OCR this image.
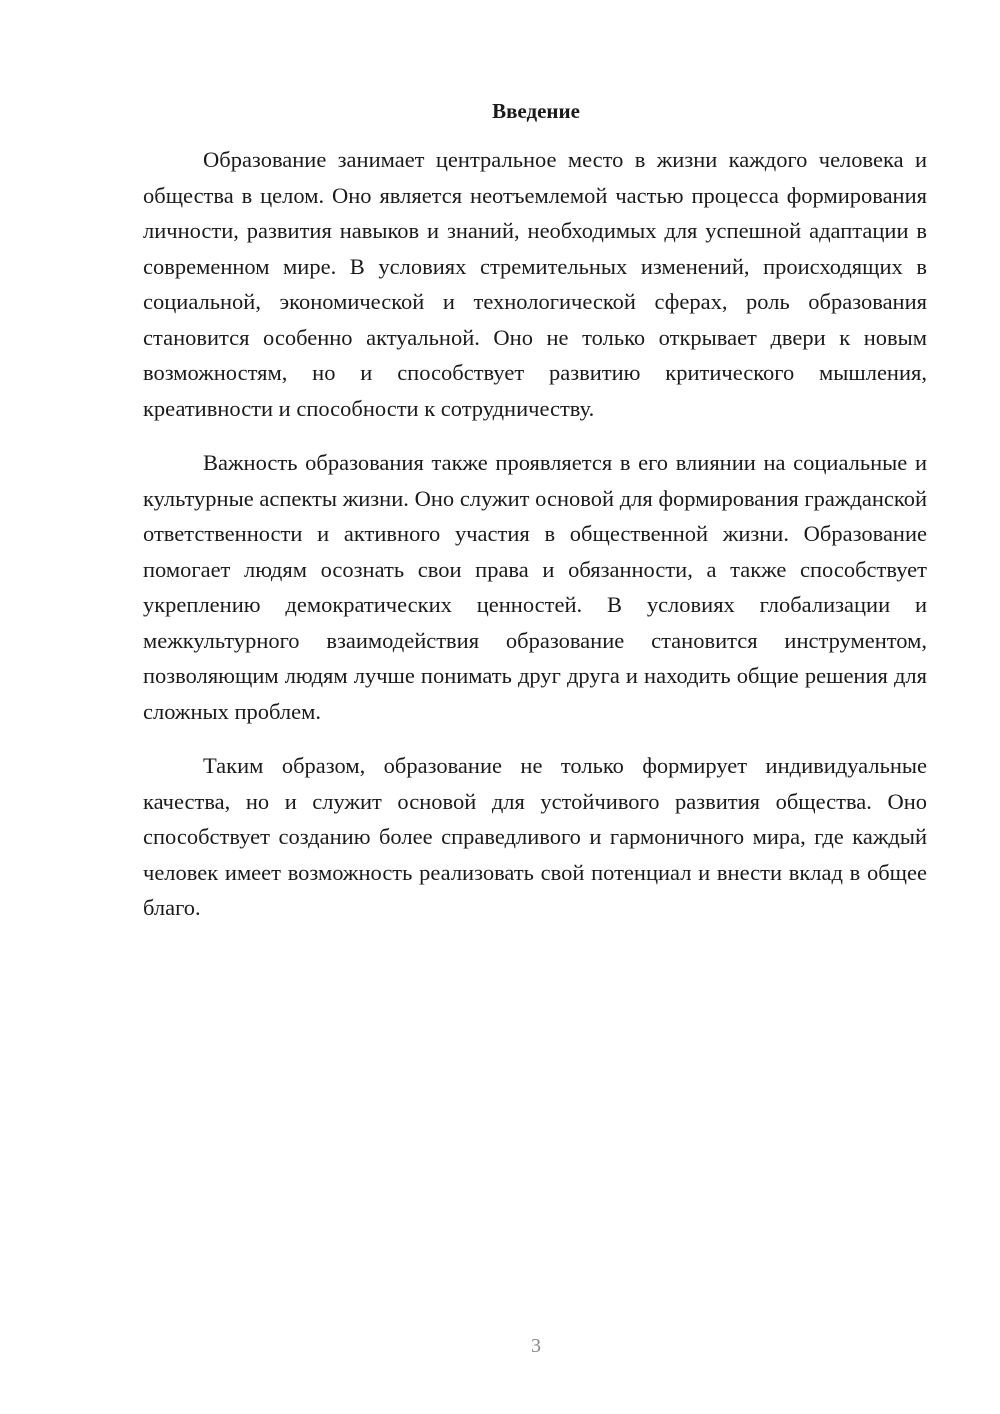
Введение

Образование занимает центральное место в жизни каждого человека и общества в целом. Оно является неотъемлемой частью процесса формирования личности, развития навыков и знаний, необходимых для успешной адаптации в современном мире. В условиях стремительных изменений, происходящих в социальной, экономической и технологической сферах, роль образования становится особенно актуальной. Оно не только открывает двери к новым возможностям, но и способствует развитию критического мышления, креативности и способности к сотрудничеству.

Важность образования также проявляется в его влиянии на социальные и культурные аспекты жизни. Оно служит основой для формирования гражданской ответственности и активного участия в общественной жизни. Образование помогает людям осознать свои права и обязанности, а также способствует укреплению демократических ценностей. В условиях глобализации и межкультурного взаимодействия образование становится инструментом, позволяющим людям лучше понимать друг друга и находить общие решения для сложных проблем.

Таким образом, образование не только формирует индивидуальные качества, но и служит основой для устойчивого развития общества. Оно способствует созданию более справедливого и гармоничного мира, где каждый человек имеет возможность реализовать свой потенциал и внести вклад в общее благо.

3
